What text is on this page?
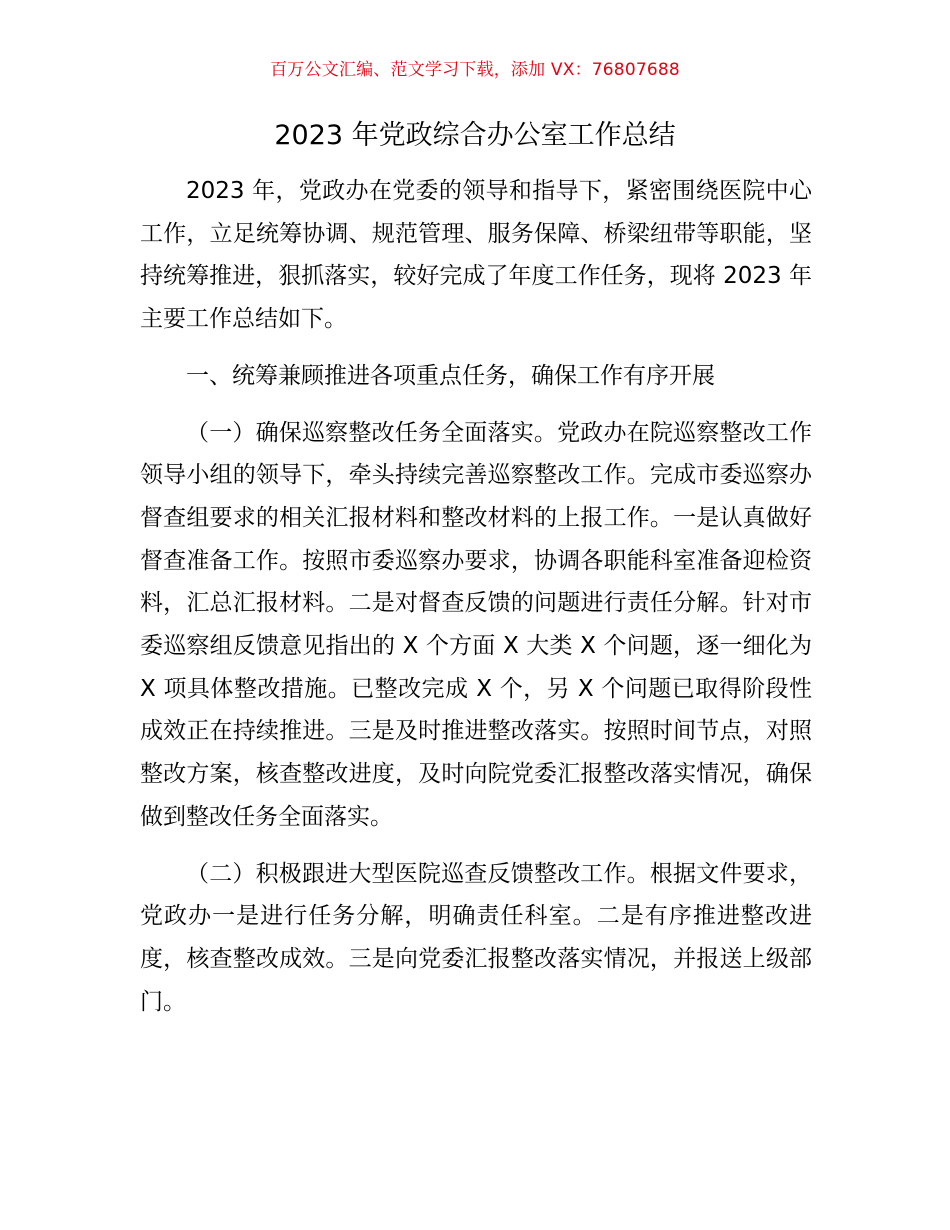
百万公文汇编、范文学习下载，添加 VX：76807688
2023 年党政综合办公室工作总结

2023 年，党政办在党委的领导和指导下，紧密围绕医院中心工作，立足统筹协调、规范管理、服务保障、桥梁纽带等职能，坚持统筹推进，狠抓落实，较好完成了年度工作任务，现将 2023 年主要工作总结如下。

一、统筹兼顾推进各项重点任务，确保工作有序开展

（一）确保巡察整改任务全面落实。党政办在院巡察整改工作领导小组的领导下，牵头持续完善巡察整改工作。完成市委巡察办督查组要求的相关汇报材料和整改材料的上报工作。一是认真做好督查准备工作。按照市委巡察办要求，协调各职能科室准备迎检资料，汇总汇报材料。二是对督查反馈的问题进行责任分解。针对市委巡察组反馈意见指出的 X 个方面 X 大类 X 个问题，逐一细化为 X 项具体整改措施。已整改完成 X 个，另 X 个问题已取得阶段性成效正在持续推进。三是及时推进整改落实。按照时间节点，对照整改方案，核查整改进度，及时向院党委汇报整改落实情况，确保做到整改任务全面落实。

（二）积极跟进大型医院巡查反馈整改工作。根据文件要求，党政办一是进行任务分解，明确责任科室。二是有序推进整改进度，核查整改成效。三是向党委汇报整改落实情况，并报送上级部门。
